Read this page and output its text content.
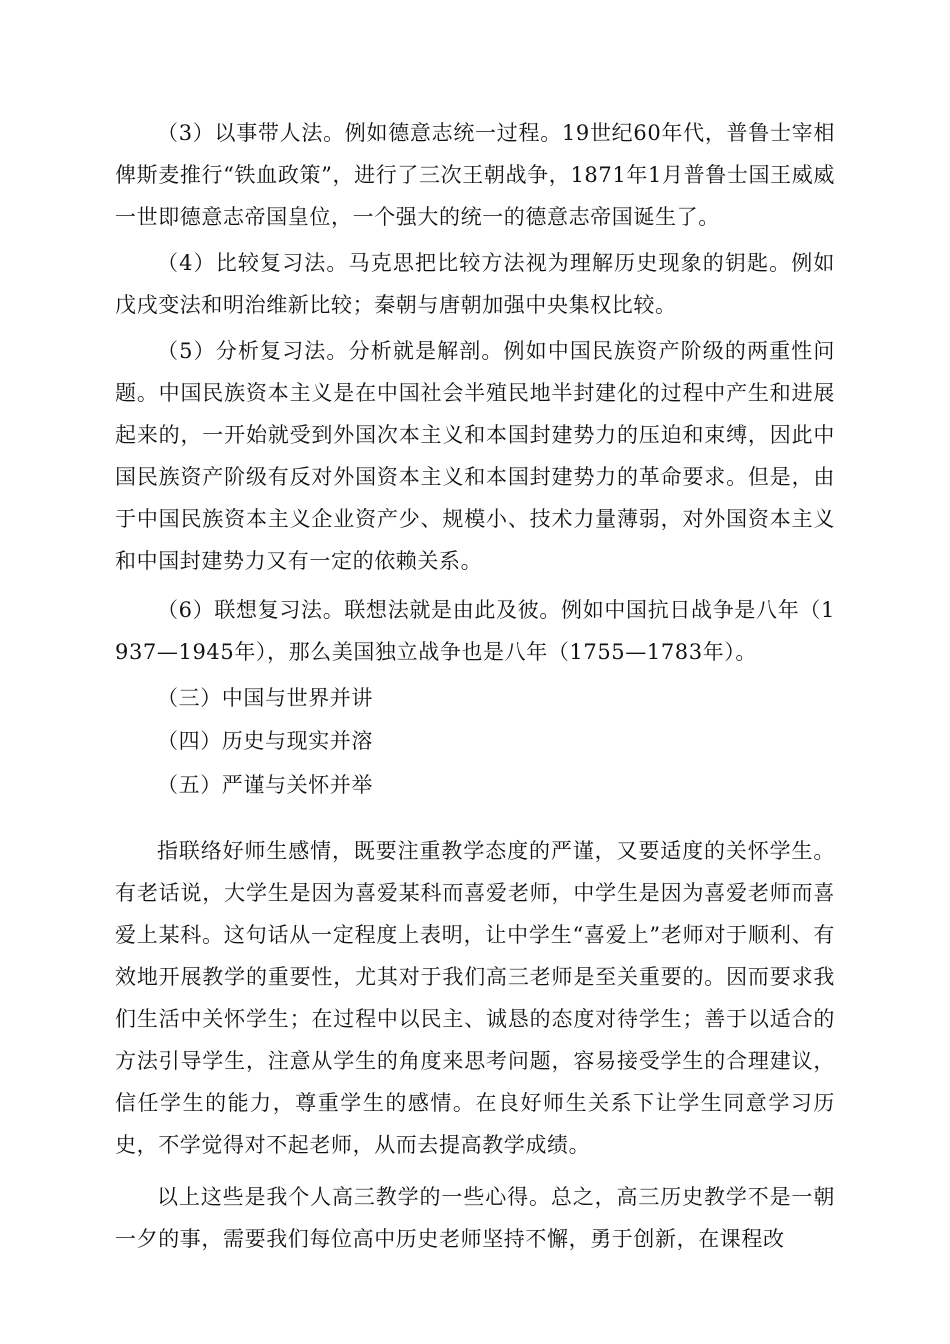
（3）以事带人法。例如德意志统一过程。19世纪60年代，普鲁士宰相俾斯麦推行“铁血政策”，进行了三次王朝战争，1871年1月普鲁士国王威威一世即德意志帝国皇位，一个强大的统一的德意志帝国诞生了。

（4）比较复习法。马克思把比较方法视为理解历史现象的钥匙。例如戊戌变法和明治维新比较；秦朝与唐朝加强中央集权比较。

（5）分析复习法。分析就是解剖。例如中国民族资产阶级的两重性问题。中国民族资本主义是在中国社会半殖民地半封建化的过程中产生和进展起来的，一开始就受到外国次本主义和本国封建势力的压迫和束缚，因此中国民族资产阶级有反对外国资本主义和本国封建势力的革命要求。但是，由于中国民族资本主义企业资产少、规模小、技术力量薄弱，对外国资本主义和中国封建势力又有一定的依赖关系。

（6）联想复习法。联想法就是由此及彼。例如中国抗日战争是八年（1937—1945年），那么美国独立战争也是八年（1755—1783年）。

（三）中国与世界并讲

（四）历史与现实并溶

（五）严谨与关怀并举

指联络好师生感情，既要注重教学态度的严谨，又要适度的关怀学生。有老话说，大学生是因为喜爱某科而喜爱老师，中学生是因为喜爱老师而喜爱上某科。这句话从一定程度上表明，让中学生“喜爱上”老师对于顺利、有效地开展教学的重要性，尤其对于我们高三老师是至关重要的。因而要求我们生活中关怀学生；在过程中以民主、诚恳的态度对待学生；善于以适合的方法引导学生，注意从学生的角度来思考问题，容易接受学生的合理建议，信任学生的能力，尊重学生的感情。在良好师生关系下让学生同意学习历史，不学觉得对不起老师，从而去提高教学成绩。

以上这些是我个人高三教学的一些心得。总之，高三历史教学不是一朝一夕的事，需要我们每位高中历史老师坚持不懈，勇于创新，在课程改
